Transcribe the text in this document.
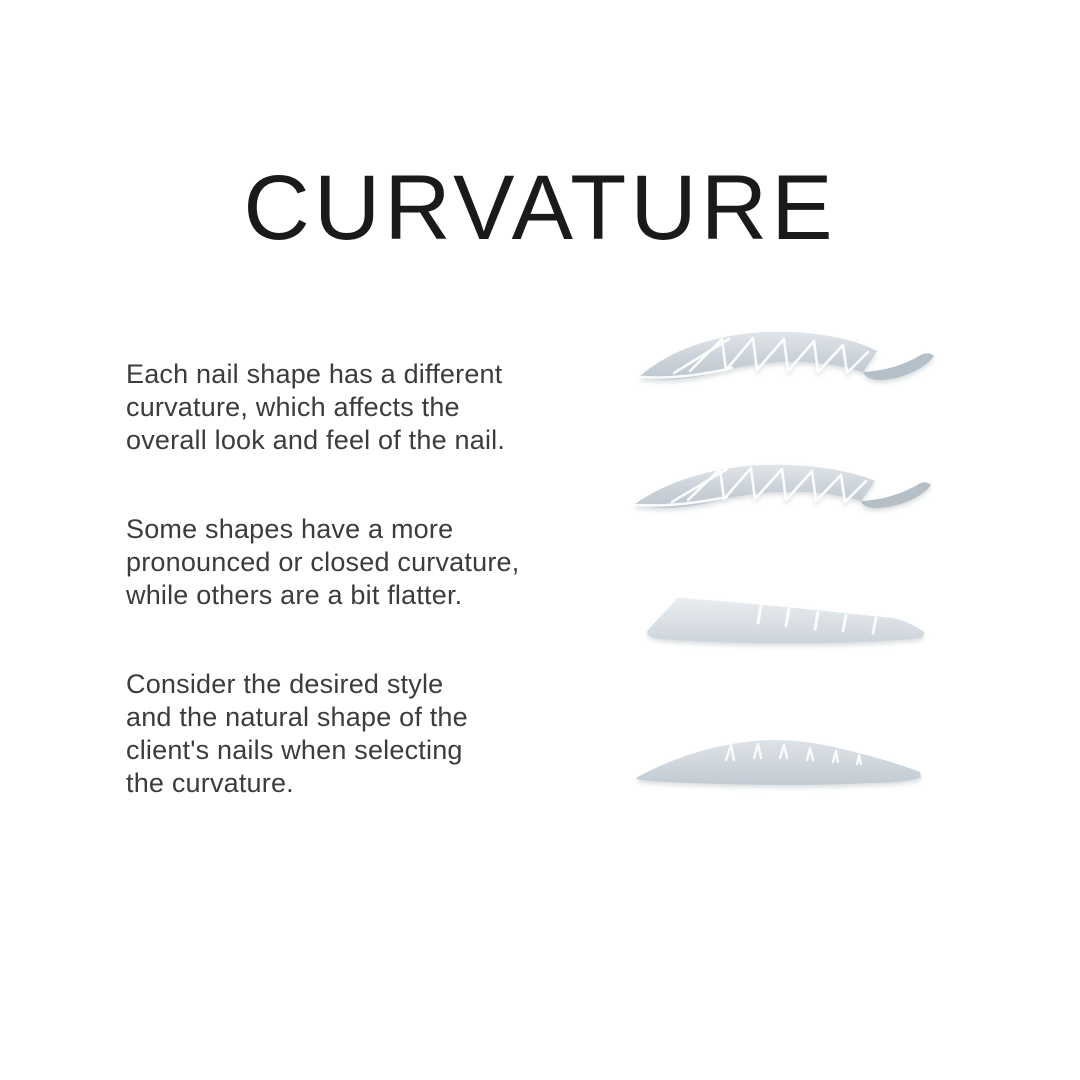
CURVATURE
Each nail shape has a different
curvature, which affects the
overall look and feel of the nail.
Some shapes have a more
pronounced or closed curvature,
while others are a bit flatter.
Consider the desired style
and the natural shape of the
client's nails when selecting
the curvature.
